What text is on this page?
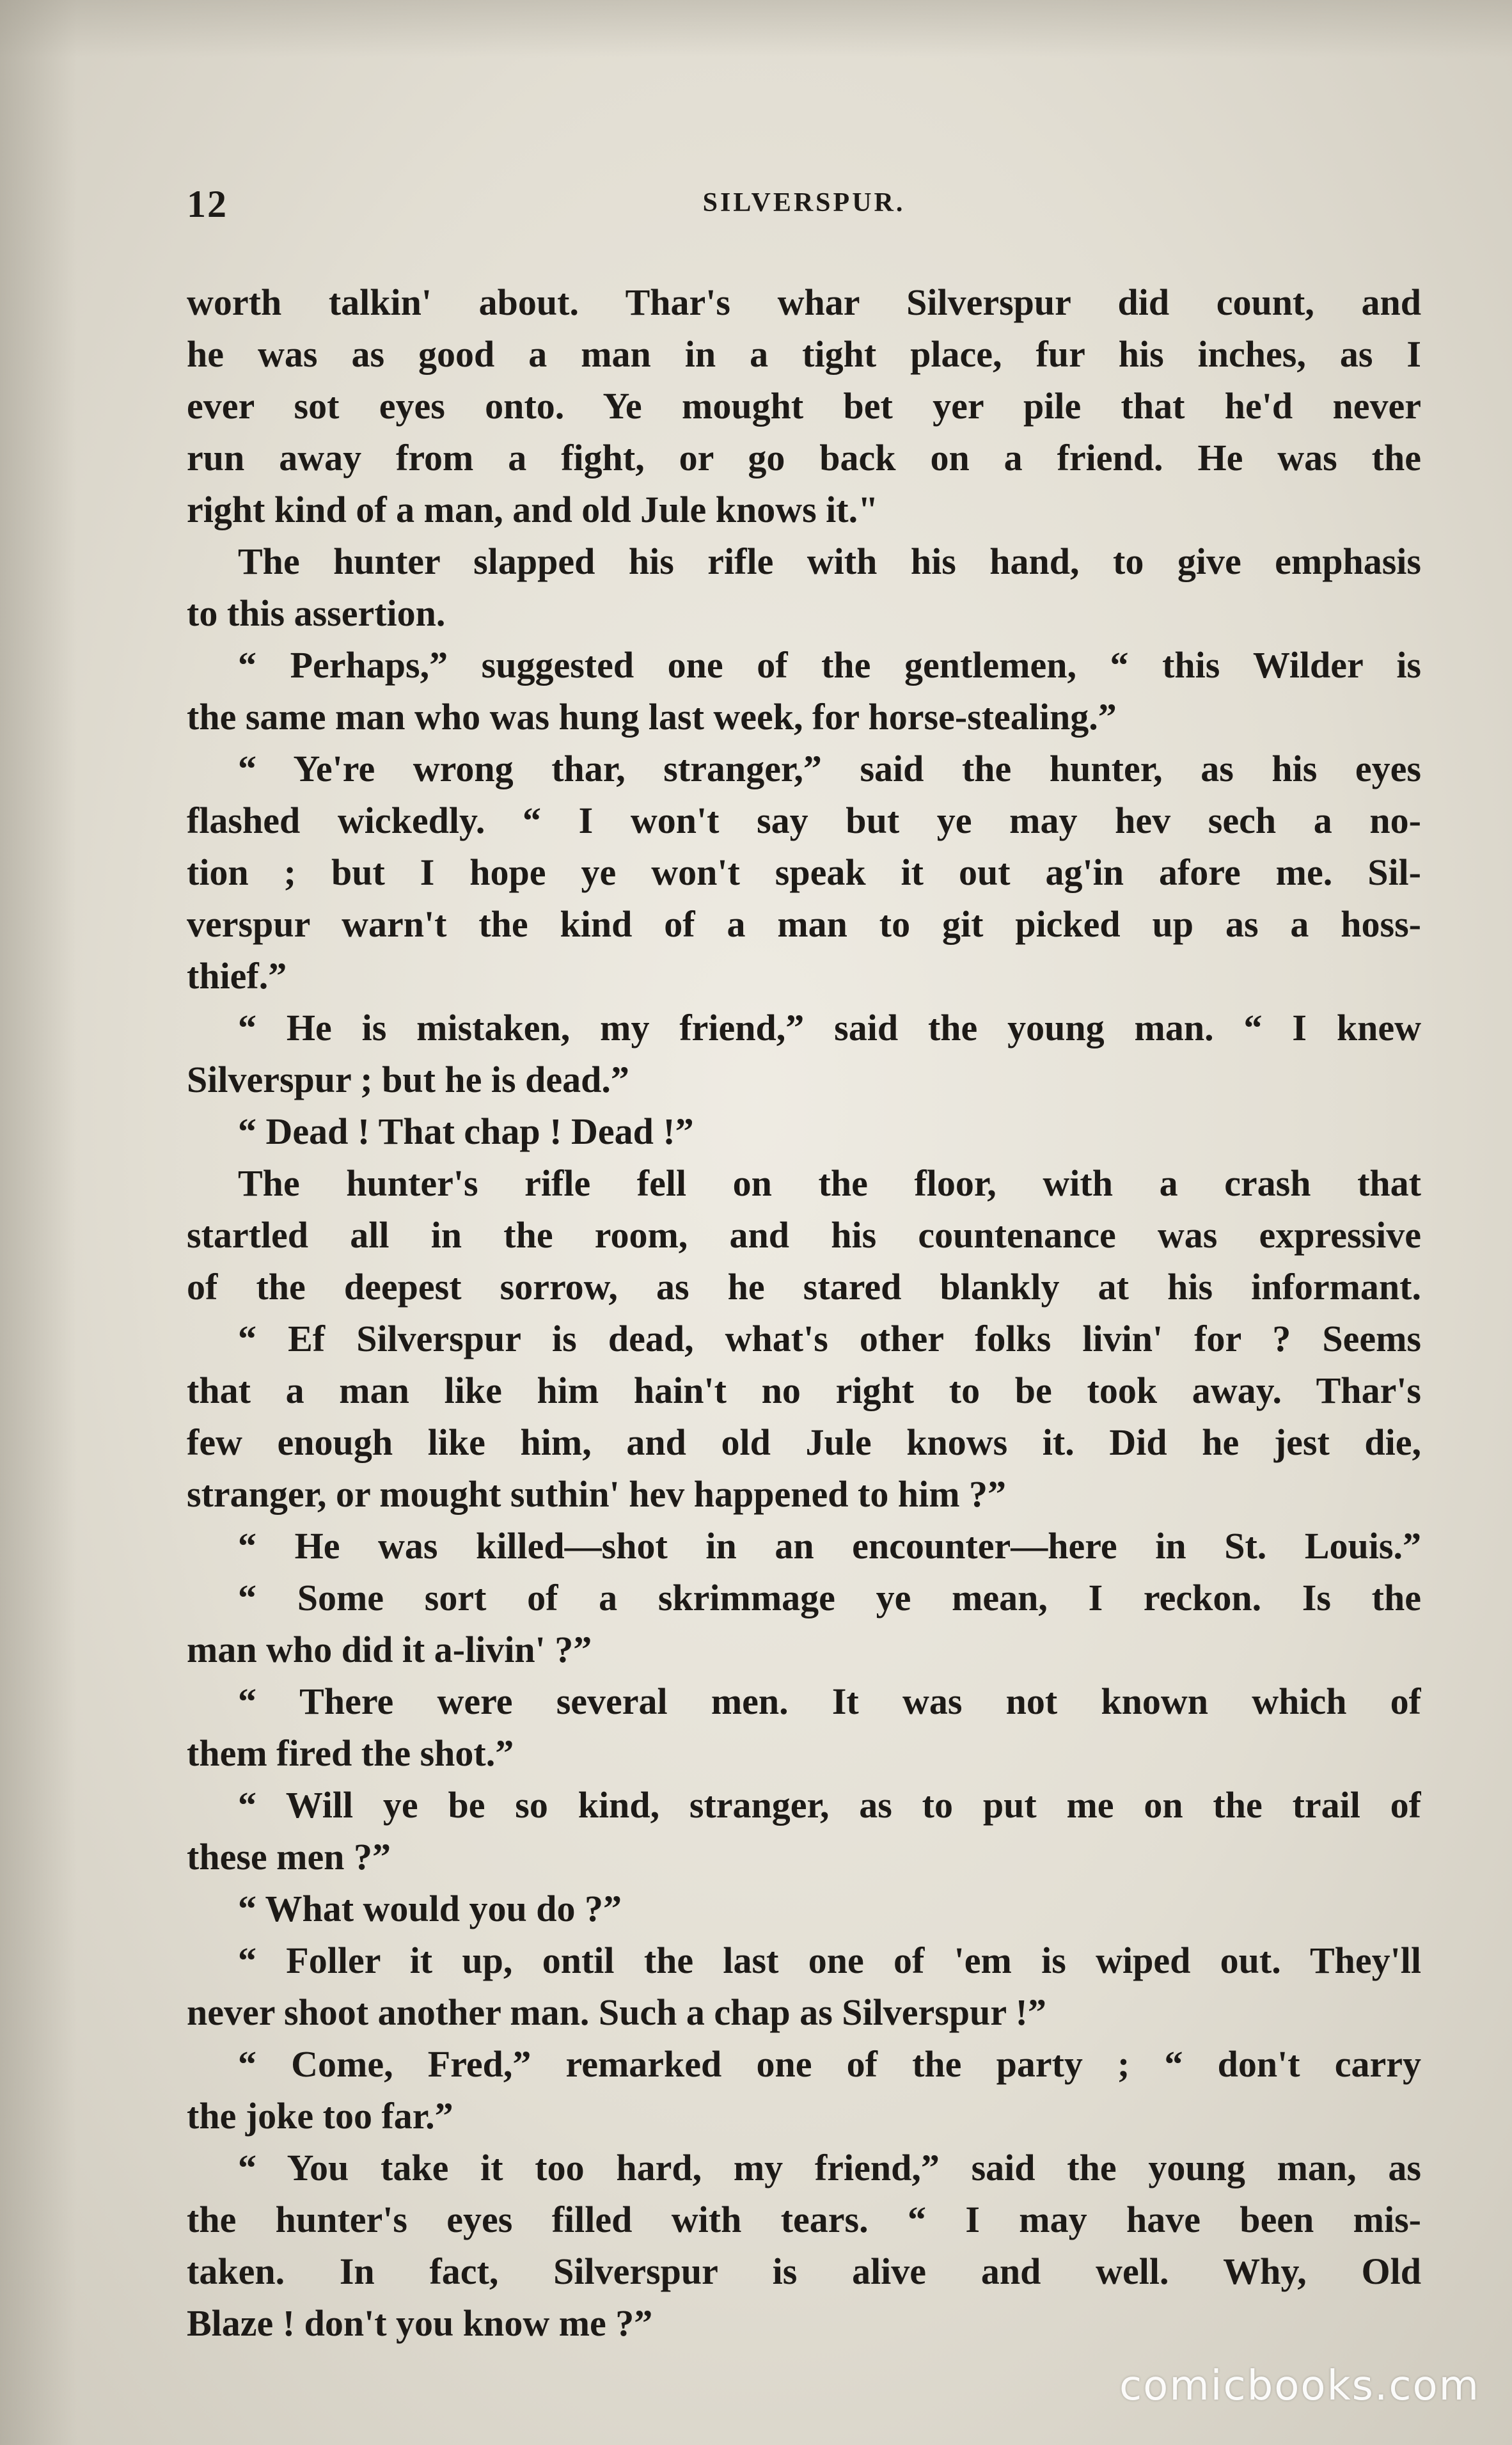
12	SILVERSPUR.
worth talkin' about. Thar's whar Silverspur did count, and
he was as good a man in a tight place, fur his inches, as I
ever sot eyes onto. Ye mought bet yer pile that he'd never
run away from a fight, or go back on a friend. He was the
right kind of a man, and old Jule knows it."
The hunter slapped his rifle with his hand, to give emphasis
to this assertion.
“ Perhaps,” suggested one of the gentlemen, “ this Wilder is
the same man who was hung last week, for horse-stealing.”
“ Ye're wrong thar, stranger,” said the hunter, as his eyes
flashed wickedly. “ I won't say but ye may hev sech a no-
tion ; but I hope ye won't speak it out ag'in afore me. Sil-
verspur warn't the kind of a man to git picked up as a hoss-
thief.”
“ He is mistaken, my friend,” said the young man. “ I knew
Silverspur ; but he is dead.”
“ Dead ! That chap ! Dead !”
The hunter's rifle fell on the floor, with a crash that
startled all in the room, and his countenance was expressive
of the deepest sorrow, as he stared blankly at his informant.
“ Ef Silverspur is dead, what's other folks livin' for ? Seems
that a man like him hain't no right to be took away. Thar's
few enough like him, and old Jule knows it. Did he jest die,
stranger, or mought suthin' hev happened to him ?”
“ He was killed—shot in an encounter—here in St. Louis.”
“ Some sort of a skrimmage ye mean, I reckon. Is the
man who did it a-livin' ?”
“ There were several men. It was not known which of
them fired the shot.”
“ Will ye be so kind, stranger, as to put me on the trail of
these men ?”
“ What would you do ?”
“ Foller it up, ontil the last one of 'em is wiped out. They'll
never shoot another man. Such a chap as Silverspur !”
“ Come, Fred,” remarked one of the party ; “ don't carry
the joke too far.”
“ You take it too hard, my friend,” said the young man, as
the hunter's eyes filled with tears. “ I may have been mis-
taken. In fact, Silverspur is alive and well. Why, Old
Blaze ! don't you know me ?”
comicbooks.com
